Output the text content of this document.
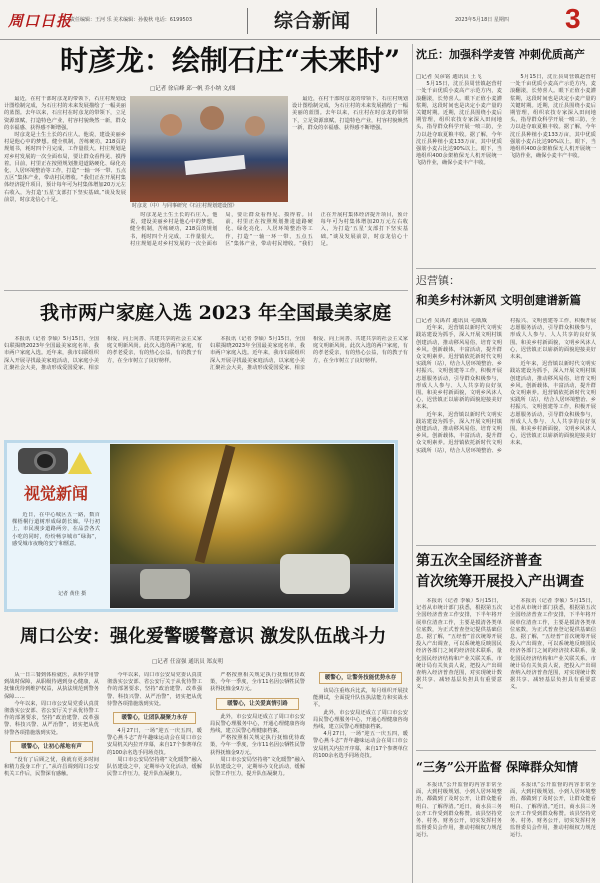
周口日报
责任编辑：王河 乐 美术编辑：孙俊秋 电话：6199503	综合新闻	2023年5月18日 星期四 3
时彦龙：绘制石庄“未来时”
□记者 徐启峰 邱一帆 乔小纳 文/图

最近，在村干部时彦龙的带领下，石庄村规划设计图绘制完成，为石庄村的未来发展描绘了一幅美丽的蓝图。去年以来，石庄村在时彦龙的带领下，立足资源禀赋，打造特色产业，村容村貌焕然一新，群众的幸福感、获得感不断增强。

时彦龙是土生土长的石庄人。他说，建设美丽乡村是他心中的梦想。健全机制，苦练硬功，218页的规划书，耗时四个月完成，工作量很大。村庄规划是对乡村发展的一次全面布局，要让群众看得见、摸得着。目前，村里正在按照规划推进道路硬化、绿化亮化、人居环境整治等工作，打造“一轴一环一带、五点五区”集体产业，带动村民增收。“我们正在开展村集体经济提升项目，预计每年可为村集体增加20万元左右收入，为打造‘五星’支部打下坚实基础。”谈及发展前景，时彦龙信心十足。

时彦龙（中）与同事研究《石庄村规划建设图》

时彦龙是土生土长的石庄人。他说，建设美丽乡村是他心中的梦想。健全机制，苦练硬功，218页的规划书，耗时四个月完成，工作量很大。村庄规划是对乡村发展的一次全面布局，要让群众看得见、摸得着。目前，村里正在按照规划推进道路硬化、绿化亮化、人居环境整治等工作，打造“一轴一环一带、五点五区”集体产业，带动村民增收。“我们正在开展村集体经济提升项目，预计每年可为村集体增加20万元左右收入，为打造‘五星’支部打下坚实基础。”谈及发展前景，时彦龙信心十足。

最近，在村干部时彦龙的带领下，石庄村规划设计图绘制完成，为石庄村的未来发展描绘了一幅美丽的蓝图。去年以来，石庄村在时彦龙的带领下，立足资源禀赋，打造特色产业，村容村貌焕然一新，群众的幸福感、获得感不断增强。

我市两户家庭入选 2023 年全国最美家庭

本报讯（记者 李硕）5月15日，全国妇联揭晓2023年全国最美家庭名单，我市两户家庭入选。近年来，我市妇联组织深入开展寻找最美家庭活动，以家庭小美汇聚社会大美，推动形成爱国爱家、相亲相爱、向上向善、共建共享的社会主义家庭文明新风尚。此次入选的两户家庭，有的孝老爱亲，有的热心公益，有的教子有方，在全市树立了良好榜样。

本报讯（记者 李硕）5月15日，全国妇联揭晓2023年全国最美家庭名单，我市两户家庭入选。近年来，我市妇联组织深入开展寻找最美家庭活动，以家庭小美汇聚社会大美，推动形成爱国爱家、相亲相爱、向上向善、共建共享的社会主义家庭文明新风尚。此次入选的两户家庭，有的孝老爱亲，有的热心公益，有的教子有方，在全市树立了良好榜样。

视觉新闻

近日，在中心城区五一路，数百棵梧桐行道树形成绿荫长廊。早行初上，市民漫步道路两旁，在品尝各式小吃的同时，纷纷畅享城市“绿海”，感受城市夜晚的安宁和惬意。

记者 黄佳 摄
周口公安：强化爱警暖警意识 激发队伍战斗力
□记者 任富强 通讯员 郑友明

从一日三餐到体检就医，从科学用警到战时保障，从职级待遇到身心健康，从抚恤优待到维护权益，从执法规范到警务保障……

今年以来，周口市公安局党委认真贯彻落实公安部、省公安厅关于从优待警工作的部署要求，坚持“政治建警、改革强警、科技兴警、从严治警”，切实把从优待警各项措施落到实处。

暖警心，让初心落地有声

“没有了后顾之忧，我就有更多时间和精力投身工作了。”从许昌调到周口公安机关工作后，民警深有感触。

今年以来，周口市公安局党委认真贯彻落实公安部、省公安厅关于从优待警工作的部署要求，坚持“政治建警、改革强警、科技兴警、从严治警”，切实把从优待警各项措施落到实处。

暖警心，让团队凝聚力永存

4月27日，一场“迎五一庆五四，暖警心燕斗志”青年趣味运动会在周口市公安局机关内拉开序幕，来自17个参赛单位的100余名选手同场竞技。

周口市公安局坚持将“文化暖警”融入队伍建设之中，定期举办文化活动，缓解民警工作压力，提升队伍凝聚力。

严格按照相关规定执行抚恤优待政策，今年一季度，全市11名因公牺牲民警获得抚恤金9万元。

暖警心，让关爱真情引路

此外，市公安局还成立了周口市公安局民警心理服务中心，开通心理健康咨询热线，建立民警心理健康档案。

严格按照相关规定执行抚恤优待政策，今年一季度，全市11名因公牺牲民警获得抚恤金9万元。

周口市公安局坚持将“文化暖警”融入队伍建设之中，定期举办文化活动，缓解民警工作压力，提升队伍凝聚力。

暖警心，让警务技能优势永存

该局注重练兵比武，每月组织开展技能测试，全面提升队伍执法能力和实战水平。

此外，市公安局还成立了周口市公安局民警心理服务中心，开通心理健康咨询热线，建立民警心理健康档案。

4月27日，一场“迎五一庆五四，暖警心燕斗志”青年趣味运动会在周口市公安局机关内拉开序幕，来自17个参赛单位的100余名选手同场竞技。

沈丘：加强科学麦管 冲刺优质高产
□记者 吴彦铭 通讯员 王飞

5月15日，沈丘县周营镇赵营村一处千亩优质小麦高产示范方内，麦浪翻滚，长势喜人。眼下正值小麦灌浆期，这段时间也是决定小麦产量的关键时期。近期，沈丘县围绕小麦后期管理，组织农技专家深入田间地头，指导群众科学开展一喷三防，全力以赴夺取夏粮丰收。据了解，今年沈丘县种植小麦133万亩，其中优质强筋小麦占比达90%以上。眼下，当地组织400余架植保无人机开展统一飞防作业，确保小麦丰产丰收。

5月15日，沈丘县周营镇赵营村一处千亩优质小麦高产示范方内，麦浪翻滚，长势喜人。眼下正值小麦灌浆期，这段时间也是决定小麦产量的关键时期。近期，沈丘县围绕小麦后期管理，组织农技专家深入田间地头，指导群众科学开展一喷三防，全力以赴夺取夏粮丰收。据了解，今年沈丘县种植小麦133万亩，其中优质强筋小麦占比达90%以上。眼下，当地组织400余架植保无人机开展统一飞防作业，确保小麦丰产丰收。

迟营镇：
和美乡村沐新风 文明创建谱新篇
□记者 吴禹君 通讯员 毛威威

近年来，迟营镇以新时代文明实践站建设为抓手，深入开展文明村镇创建活动，推动移风易俗，培育文明乡风。创新载体，丰富活动，提升群众文明素养。迟营镇依托新时代文明实践所（站），结合人居环境整治、乡村振兴、文明创建等工作，积极开展志愿服务活动，引导群众积极参与，形成人人参与、人人共享的良好氛围。和美乡村新面貌，文明乡风沐人心，迟营镇正以崭新的面貌迎接美好未来。

近年来，迟营镇以新时代文明实践站建设为抓手，深入开展文明村镇创建活动，推动移风易俗，培育文明乡风。创新载体，丰富活动，提升群众文明素养。迟营镇依托新时代文明实践所（站），结合人居环境整治、乡村振兴、文明创建等工作，积极开展志愿服务活动，引导群众积极参与，形成人人参与、人人共享的良好氛围。和美乡村新面貌，文明乡风沐人心，迟营镇正以崭新的面貌迎接美好未来。

近年来，迟营镇以新时代文明实践站建设为抓手，深入开展文明村镇创建活动，推动移风易俗，培育文明乡风。创新载体，丰富活动，提升群众文明素养。迟营镇依托新时代文明实践所（站），结合人居环境整治、乡村振兴、文明创建等工作，积极开展志愿服务活动，引导群众积极参与，形成人人参与、人人共享的良好氛围。和美乡村新面貌，文明乡风沐人心，迟营镇正以崭新的面貌迎接美好未来。

第五次全国经济普查
首次统筹开展投入产出调查

本报讯（记者 李硕）5月15日，记者从市统计部门获悉，根据第五次全国经济普查工作安排，下半年将开展单位清查工作，主要是摸清各类单位底数，为正式普查登记提供基础信息。据了解，“五经普”首次统筹开展投入产出调查，可以系统地反映国民经济各部门之间的经济技术联系，量化国民经济结构和产业关联关系。市统计局有关负责人说，把投入产出调查纳入经济普查范围，对实现统计数据共享、减轻基层负担具有重要意义。

本报讯（记者 李硕）5月15日，记者从市统计部门获悉，根据第五次全国经济普查工作安排，下半年将开展单位清查工作，主要是摸清各类单位底数，为正式普查登记提供基础信息。据了解，“五经普”首次统筹开展投入产出调查，可以系统地反映国民经济各部门之间的经济技术联系，量化国民经济结构和产业关联关系。市统计局有关负责人说，把投入产出调查纳入经济普查范围，对实现统计数据共享、减轻基层负担具有重要意义。

“三务”公开监督 保障群众知情

本报讯“公开监督的内容非常全面，大到村级规划、小到人居环境整治，都做到了及时公开，让群众能看明白、了解得清。”近日，商水县三务公开工作受到群众称赞。该县坚持党务、村务、财务公开，切实发挥村务监督委员会作用，推动村级权力规范运行。

本报讯“公开监督的内容非常全面，大到村级规划、小到人居环境整治，都做到了及时公开，让群众能看明白、了解得清。”近日，商水县三务公开工作受到群众称赞。该县坚持党务、村务、财务公开，切实发挥村务监督委员会作用，推动村级权力规范运行。
